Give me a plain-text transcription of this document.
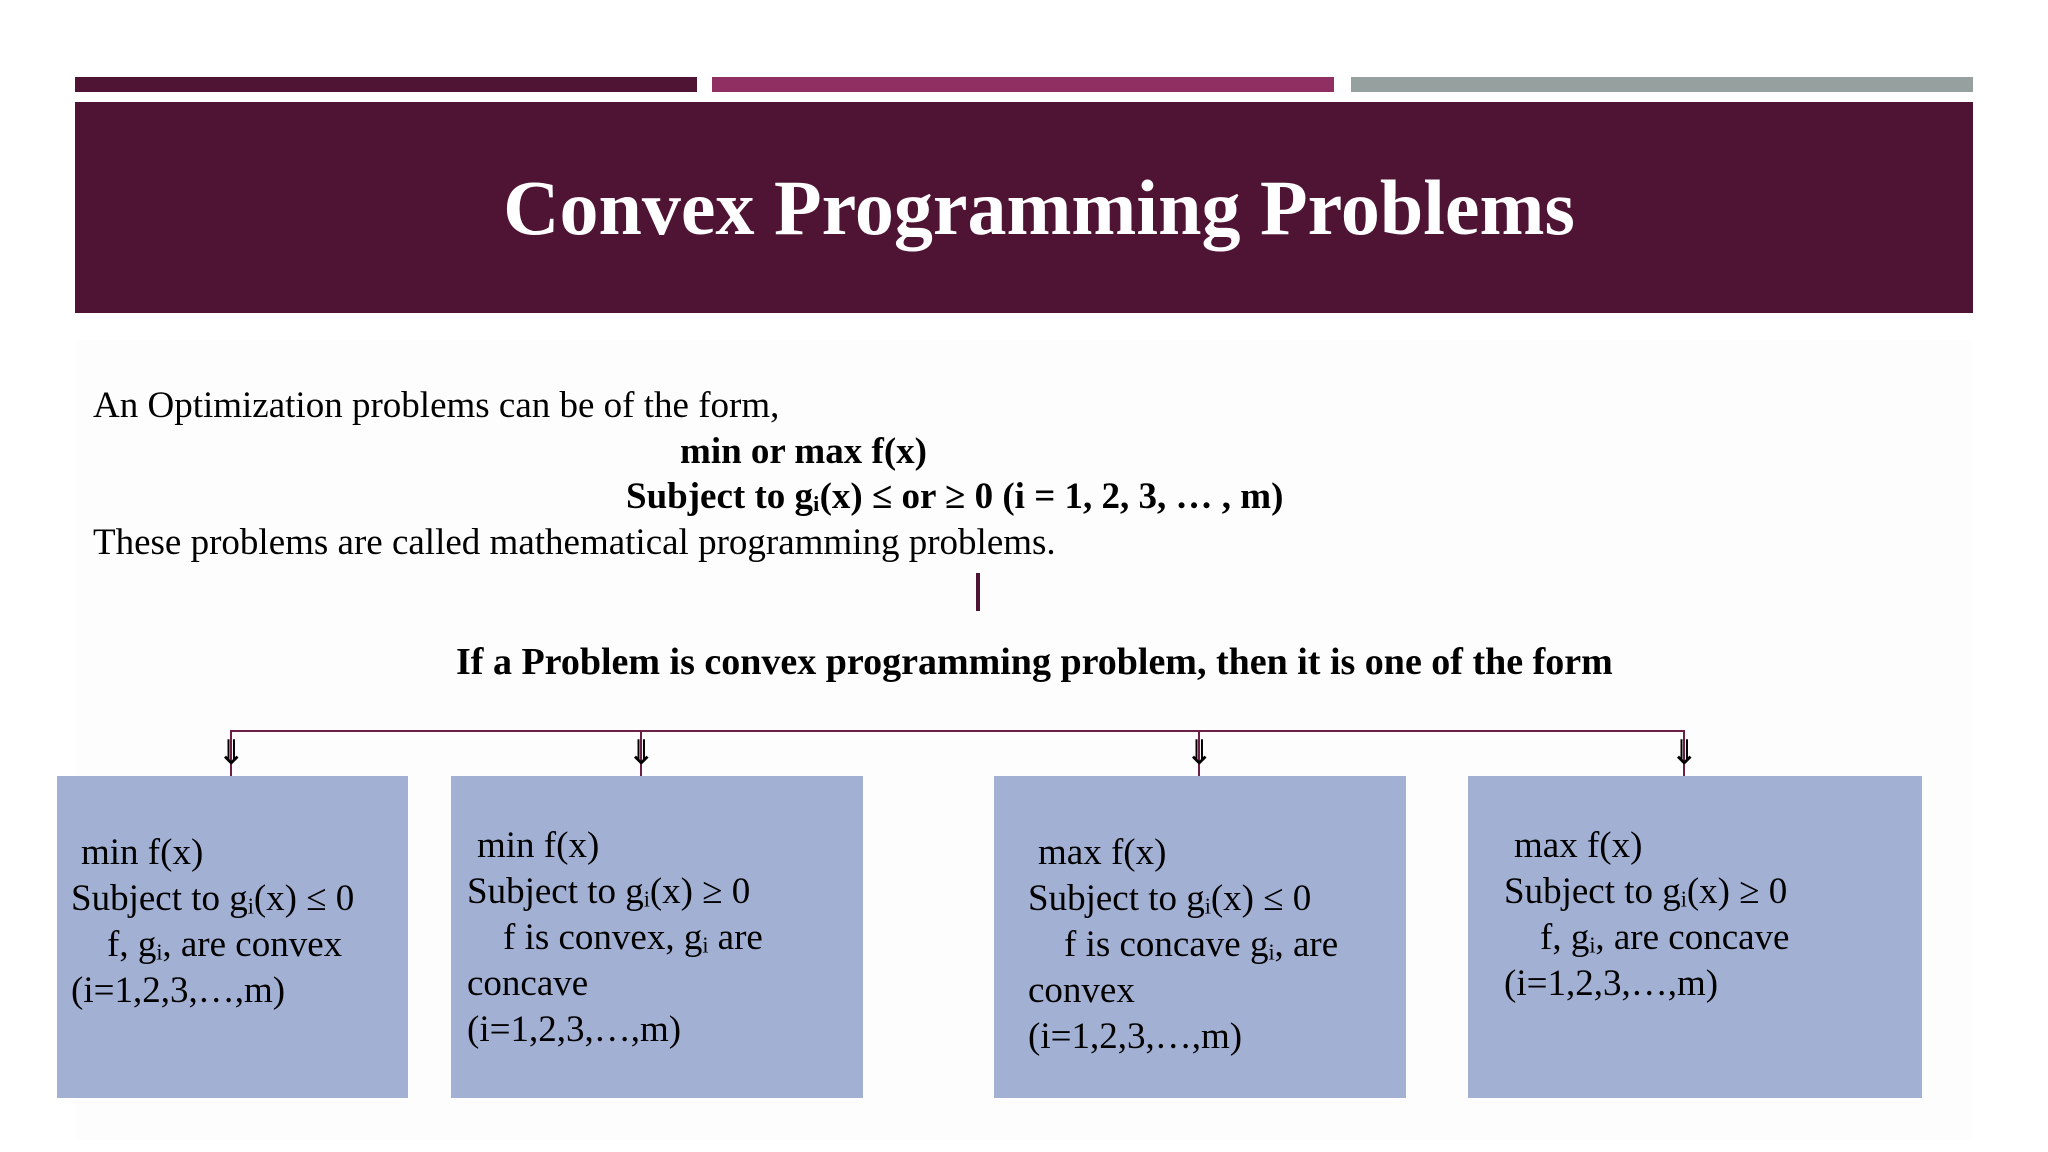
Convex Programming Problems
An Optimization problems can be of the form,
min or max f(x)
Subject to gᵢ(x) ≤ or ≥ 0 (i = 1, 2, 3, … , m)
These problems are called mathematical programming problems.
If a Problem is convex programming problem, then it is one of the form
⇓	⇓	⇓	⇓
min f(x)
Subject to gᵢ(x) ≤ 0
f, gᵢ, are convex
(i=1,2,3,…,m)
min f(x)
Subject to gᵢ(x) ≥ 0
f is convex, gᵢ are
concave
(i=1,2,3,…,m)
max f(x)
Subject to gᵢ(x) ≤ 0
f is concave gᵢ, are
convex
(i=1,2,3,…,m)
max f(x)
Subject to gᵢ(x) ≥ 0
f, gᵢ, are concave
(i=1,2,3,…,m)
